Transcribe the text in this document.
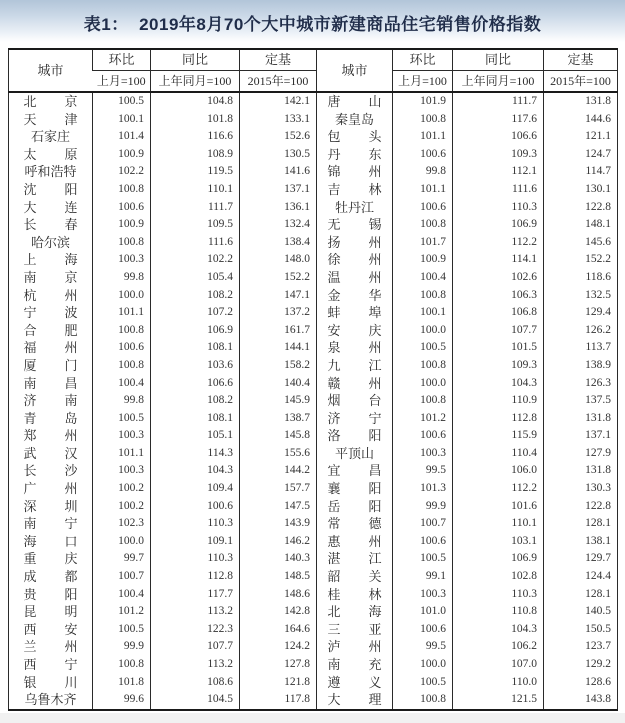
表1：  2019年8月70个大中城市新建商品住宅销售价格指数
城市	环比	同比	定基	城市	环比	同比	定基
	上月=100	上年同月=100	2015年=100		上月=100	上年同月=100	2015年=100

北 京	100.5	104.8	142.1	唐 山	101.9	111.7	131.8

天 津	100.1	101.8	133.1	秦 皇 岛	100.8	117.6	144.6

石 家 庄	101.4	116.6	152.6	包 头	101.1	106.6	121.1

太 原	100.9	108.9	130.5	丹 东	100.6	109.3	124.7

呼 和 浩 特	102.2	119.5	141.6	锦 州	99.8	112.1	114.7

沈 阳	100.8	110.1	137.1	吉 林	101.1	111.6	130.1

大 连	100.6	111.7	136.1	牡 丹 江	100.6	110.3	122.8

长 春	100.9	109.5	132.4	无 锡	100.8	106.9	148.1

哈 尔 滨	100.8	111.6	138.4	扬 州	101.7	112.2	145.6

上 海	100.3	102.2	148.0	徐 州	100.9	114.1	152.2

南 京	99.8	105.4	152.2	温 州	100.4	102.6	118.6

杭 州	100.0	108.2	147.1	金 华	100.8	106.3	132.5

宁 波	101.1	107.2	137.2	蚌 埠	100.1	106.8	129.4

合 肥	100.8	106.9	161.7	安 庆	100.0	107.7	126.2

福 州	100.6	108.1	144.1	泉 州	100.5	101.5	113.7

厦 门	100.8	103.6	158.2	九 江	100.8	109.3	138.9

南 昌	100.4	106.6	140.4	赣 州	100.0	104.3	126.3

济 南	99.8	108.2	145.9	烟 台	100.8	110.9	137.5

青 岛	100.5	108.1	138.7	济 宁	101.2	112.8	131.8

郑 州	100.3	105.1	145.8	洛 阳	100.6	115.9	137.1

武 汉	101.1	114.3	155.6	平 顶 山	100.3	110.4	127.9

长 沙	100.3	104.3	144.2	宜 昌	99.5	106.0	131.8

广 州	100.2	109.4	157.7	襄 阳	101.3	112.2	130.3

深 圳	100.2	100.6	147.5	岳 阳	99.9	101.6	122.8

南 宁	102.3	110.3	143.9	常 德	100.7	110.1	128.1

海 口	100.0	109.1	146.2	惠 州	100.6	103.1	138.1

重 庆	99.7	110.3	140.3	湛 江	100.5	106.9	129.7

成 都	100.7	112.8	148.5	韶 关	99.1	102.8	124.4

贵 阳	100.4	117.7	148.6	桂 林	100.3	110.3	128.1

昆 明	101.2	113.2	142.8	北 海	101.0	110.8	140.5

西 安	100.5	122.3	164.6	三 亚	100.6	104.3	150.5

兰 州	99.9	107.7	124.2	泸 州	99.5	106.2	123.7

西 宁	100.8	113.2	127.8	南 充	100.0	107.0	129.2

银 川	101.8	108.6	121.8	遵 义	100.5	110.0	128.6

乌 鲁 木 齐	99.6	104.5	117.8	大 理	100.8	121.5	143.8
